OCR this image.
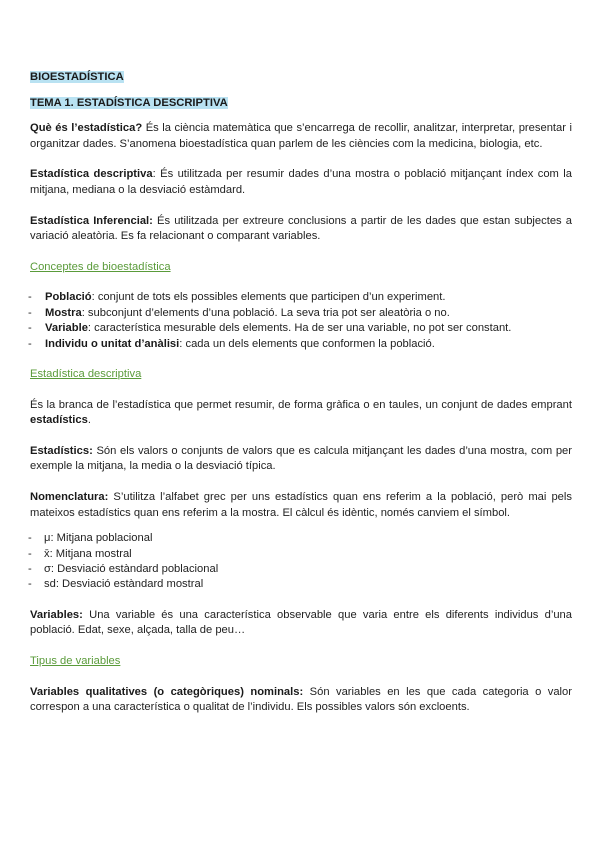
BIOESTADÍSTICA

TEMA 1. ESTADÍSTICA DESCRIPTIVA

Què és l’estadística? És la ciència matemàtica que s’encarrega de recollir, analitzar, interpretar, presentar i organitzar dades. S’anomena bioestadística quan parlem de les ciències com la medicina, biologia, etc.

Estadística descriptiva: És utilitzada per resumir dades d’una mostra o població mitjançant índex com la mitjana, mediana o la desviació estàmdard.

Estadística Inferencial: És utilitzada per extreure conclusions a partir de les dades que estan subjectes a variació aleatòria. Es fa relacionant o comparant variables.

Conceptes de bioestadística

- Població: conjunt de tots els possibles elements que participen d’un experiment.
- Mostra: subconjunt d’elements d’una població. La seva tria pot ser aleatòria o no.
- Variable: característica mesurable dels elements. Ha de ser una variable, no pot ser constant.
- Individu o unitat d’anàlisi: cada un dels elements que conformen la població.

Estadística descriptiva

És la branca de l’estadística que permet resumir, de forma gràfica o en taules, un conjunt de dades emprant estadístics.

Estadístics: Són els valors o conjunts de valors que es calcula mitjançant les dades d’una mostra, com per exemple la mitjana, la media o la desviació típica.

Nomenclatura: S’utilitza l’alfabet grec per uns estadístics quan ens referim a la població, però mai pels mateixos estadístics quan ens referim a la mostra. El càlcul és idèntic, només canviem el símbol.

- μ: Mitjana poblacional
- x̄: Mitjana mostral
- σ: Desviació estàndard poblacional
- sd: Desviació estàndard mostral

Variables: Una variable és una característica observable que varia entre els diferents individus d’una població. Edat, sexe, alçada, talla de peu…

Tipus de variables

Variables qualitatives (o categòriques) nominals: Són variables en les que cada categoria o valor correspon a una característica o qualitat de l’individu. Els possibles valors són excloents.
